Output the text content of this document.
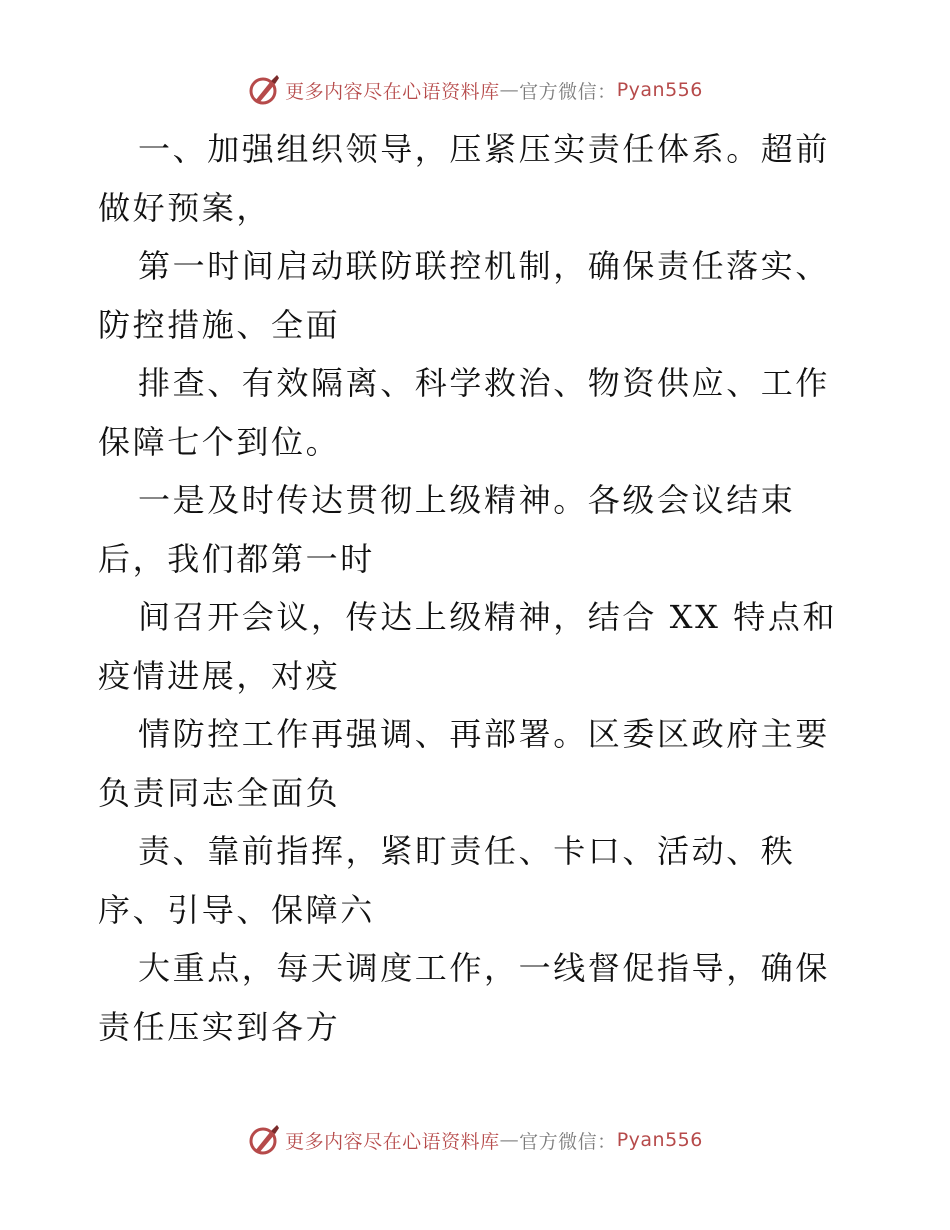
更多内容尽在心语资料库 — 官方微信： Pyan556

一、加强组织领导，压紧压实责任体系。超前做好预案，

第一时间启动联防联控机制，确保责任落实、防控措施、全面

排查、有效隔离、科学救治、物资供应、工作保障七个到位。

一是及时传达贯彻上级精神。各级会议结束后，我们都第一时

间召开会议，传达上级精神，结合 XX 特点和疫情进展，对疫

情防控工作再强调、再部署。区委区政府主要负责同志全面负

责、靠前指挥，紧盯责任、卡口、活动、秩序、引导、保障六

大重点，每天调度工作，一线督促指导，确保责任压实到各方

更多内容尽在心语资料库 — 官方微信： Pyan556
